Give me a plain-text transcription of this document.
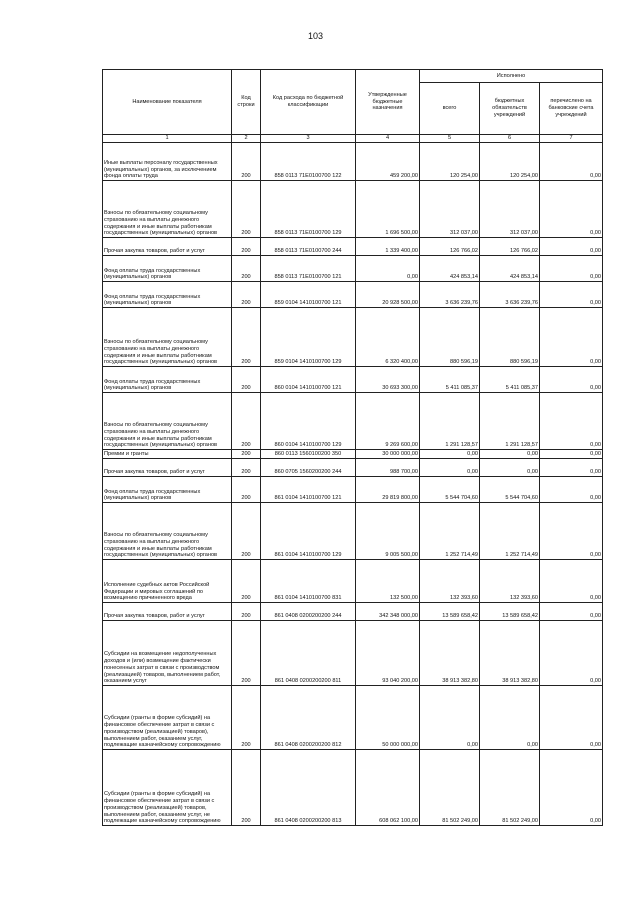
103
Наименование показателя	Код строки	Код расхода по бюджетной классификации	Утвержденные бюджетные назначения	Исполнено		
				всего	бюджетных обязательств учреждений	перечислено на банковские счета учреждений
1	2	3	4	5	6	7
Иные выплаты персоналу государственных (муниципальных) органов, за исключением фонда оплаты труда	200	858 0113 71Е0100700 122	459 200,00	120 254,00	120 254,00	0,00
Взносы по обязательному социальному страхованию на выплаты денежного содержания и иные выплаты работникам государственных (муниципальных) органов	200	858 0113 71Е0100700 129	1 696 500,00	312 037,00	312 037,00	0,00
Прочая закупка товаров, работ и услуг	200	858 0113 71Е0100700 244	1 339 400,00	126 766,02	126 766,02	0,00
Фонд оплаты труда государственных (муниципальных) органов	200	858 0113 71Е0100700 121	0,00	424 853,14	424 853,14	0,00
Фонд оплаты труда государственных (муниципальных) органов	200	859 0104 1410100700 121	20 928 500,00	3 636 239,76	3 636 239,76	0,00
Взносы по обязательному социальному страхованию на выплаты денежного содержания и иные выплаты работникам государственных (муниципальных) органов	200	859 0104 1410100700 129	6 320 400,00	880 596,19	880 596,19	0,00
Фонд оплаты труда государственных (муниципальных) органов	200	860 0104 1410100700 121	30 693 300,00	5 411 085,37	5 411 085,37	0,00
Взносы по обязательному социальному страхованию на выплаты денежного содержания и иные выплаты работникам государственных (муниципальных) органов	200	860 0104 1410100700 129	9 269 600,00	1 291 128,57	1 291 128,57	0,00
Премии и гранты	200	860 0113 1560100200 350	30 000 000,00	0,00	0,00	0,00
Прочая закупка товаров, работ и услуг	200	860 0705 1560200200 244	988 700,00	0,00	0,00	0,00
Фонд оплаты труда государственных (муниципальных) органов	200	861 0104 1410100700 121	29 819 800,00	5 544 704,60	5 544 704,60	0,00
Взносы по обязательному социальному страхованию на выплаты денежного содержания и иные выплаты работникам государственных (муниципальных) органов	200	861 0104 1410100700 129	9 005 500,00	1 252 714,49	1 252 714,49	0,00
Исполнение судебных актов Российской Федерации и мировых соглашений по возмещению причиненного вреда	200	861 0104 1410100700 831	132 500,00	132 393,60	132 393,60	0,00
Прочая закупка товаров, работ и услуг	200	861 0408 0200200200 244	342 348 000,00	13 589 658,42	13 589 658,42	0,00
Субсидии на возмещение недополученных доходов и (или) возмещение фактически понесенных затрат в связи с производством (реализацией) товаров, выполнением работ, оказанием услуг	200	861 0408 0200200200 811	93 040 200,00	38 913 382,80	38 913 382,80	0,00
Субсидии (гранты в форме субсидий) на финансовое обеспечение затрат в связи с производством (реализацией) товаров), выполнением работ, оказанием услуг, подлежащие казначейскому сопровождению	200	861 0408 0200200200 812	50 000 000,00	0,00	0,00	0,00
Субсидии (гранты в форме субсидий) на финансовое обеспечение затрат в связи с производством (реализацией) товаров, выполнением работ, оказанием услуг, не подлежащие казначейскому сопровождению	200	861 0408 0200200200 813	608 062 100,00	81 502 249,00	81 502 249,00	0,00
